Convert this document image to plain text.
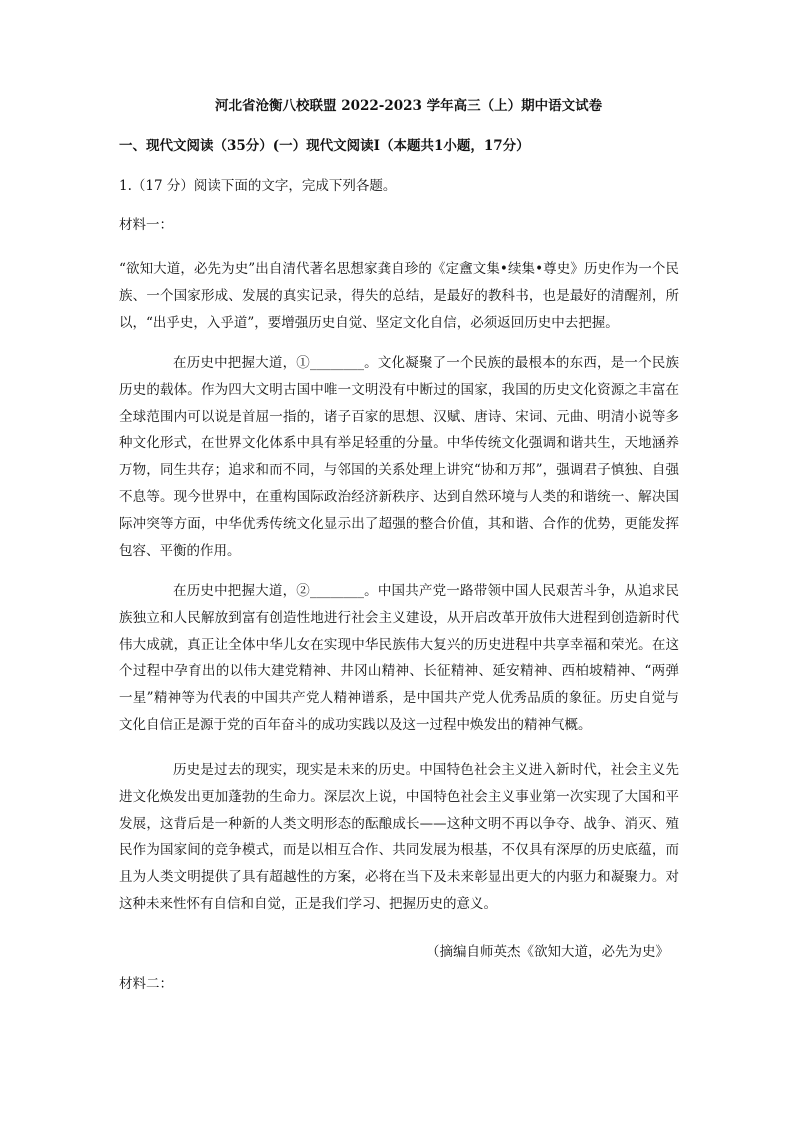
河北省沧衡八校联盟 2022-2023 学年高三（上）期中语文试卷

一、现代文阅读（35分）(一）现代文阅读Ⅰ（本题共1小题，17分）

1.（17 分）阅读下面的文字，完成下列各题。

材料一：

“欲知大道，必先为史”出自清代著名思想家龚自珍的《定盦文集•续集•尊史》历史作为一个民族、一个国家形成、发展的真实记录，得失的总结，是最好的教科书，也是最好的清醒剂，所以，“出乎史，入乎道”，要增强历史自觉、坚定文化自信，必须返回历史中去把握。

在历史中把握大道，①________。文化凝聚了一个民族的最根本的东西，是一个民族历史的载体。作为四大文明古国中唯一文明没有中断过的国家，我国的历史文化资源之丰富在全球范围内可以说是首屈一指的，诸子百家的思想、汉赋、唐诗、宋词、元曲、明清小说等多种文化形式，在世界文化体系中具有举足轻重的分量。中华传统文化强调和谐共生，天地涵养万物，同生共存；追求和而不同，与邻国的关系处理上讲究“协和万邦”，强调君子慎独、自强不息等。现今世界中，在重构国际政治经济新秩序、达到自然环境与人类的和谐统一、解决国际冲突等方面，中华优秀传统文化显示出了超强的整合价值，其和谐、合作的优势，更能发挥包容、平衡的作用。

在历史中把握大道，②________。中国共产党一路带领中国人民艰苦斗争，从追求民族独立和人民解放到富有创造性地进行社会主义建设，从开启改革开放伟大进程到创造新时代伟大成就，真正让全体中华儿女在实现中华民族伟大复兴的历史进程中共享幸福和荣光。在这个过程中孕育出的以伟大建党精神、井冈山精神、长征精神、延安精神、西柏坡精神、“两弹一星”精神等为代表的中国共产党人精神谱系，是中国共产党人优秀品质的象征。历史自觉与文化自信正是源于党的百年奋斗的成功实践以及这一过程中焕发出的精神气概。

历史是过去的现实，现实是未来的历史。中国特色社会主义进入新时代，社会主义先进文化焕发出更加蓬勃的生命力。深层次上说，中国特色社会主义事业第一次实现了大国和平发展，这背后是一种新的人类文明形态的酝酿成长——这种文明不再以争夺、战争、消灭、殖民作为国家间的竞争模式，而是以相互合作、共同发展为根基，不仅具有深厚的历史底蕴，而且为人类文明提供了具有超越性的方案，必将在当下及未来彰显出更大的内驱力和凝聚力。对这种未来性怀有自信和自觉，正是我们学习、把握历史的意义。

（摘编自师英杰《欲知大道，必先为史》

材料二：
